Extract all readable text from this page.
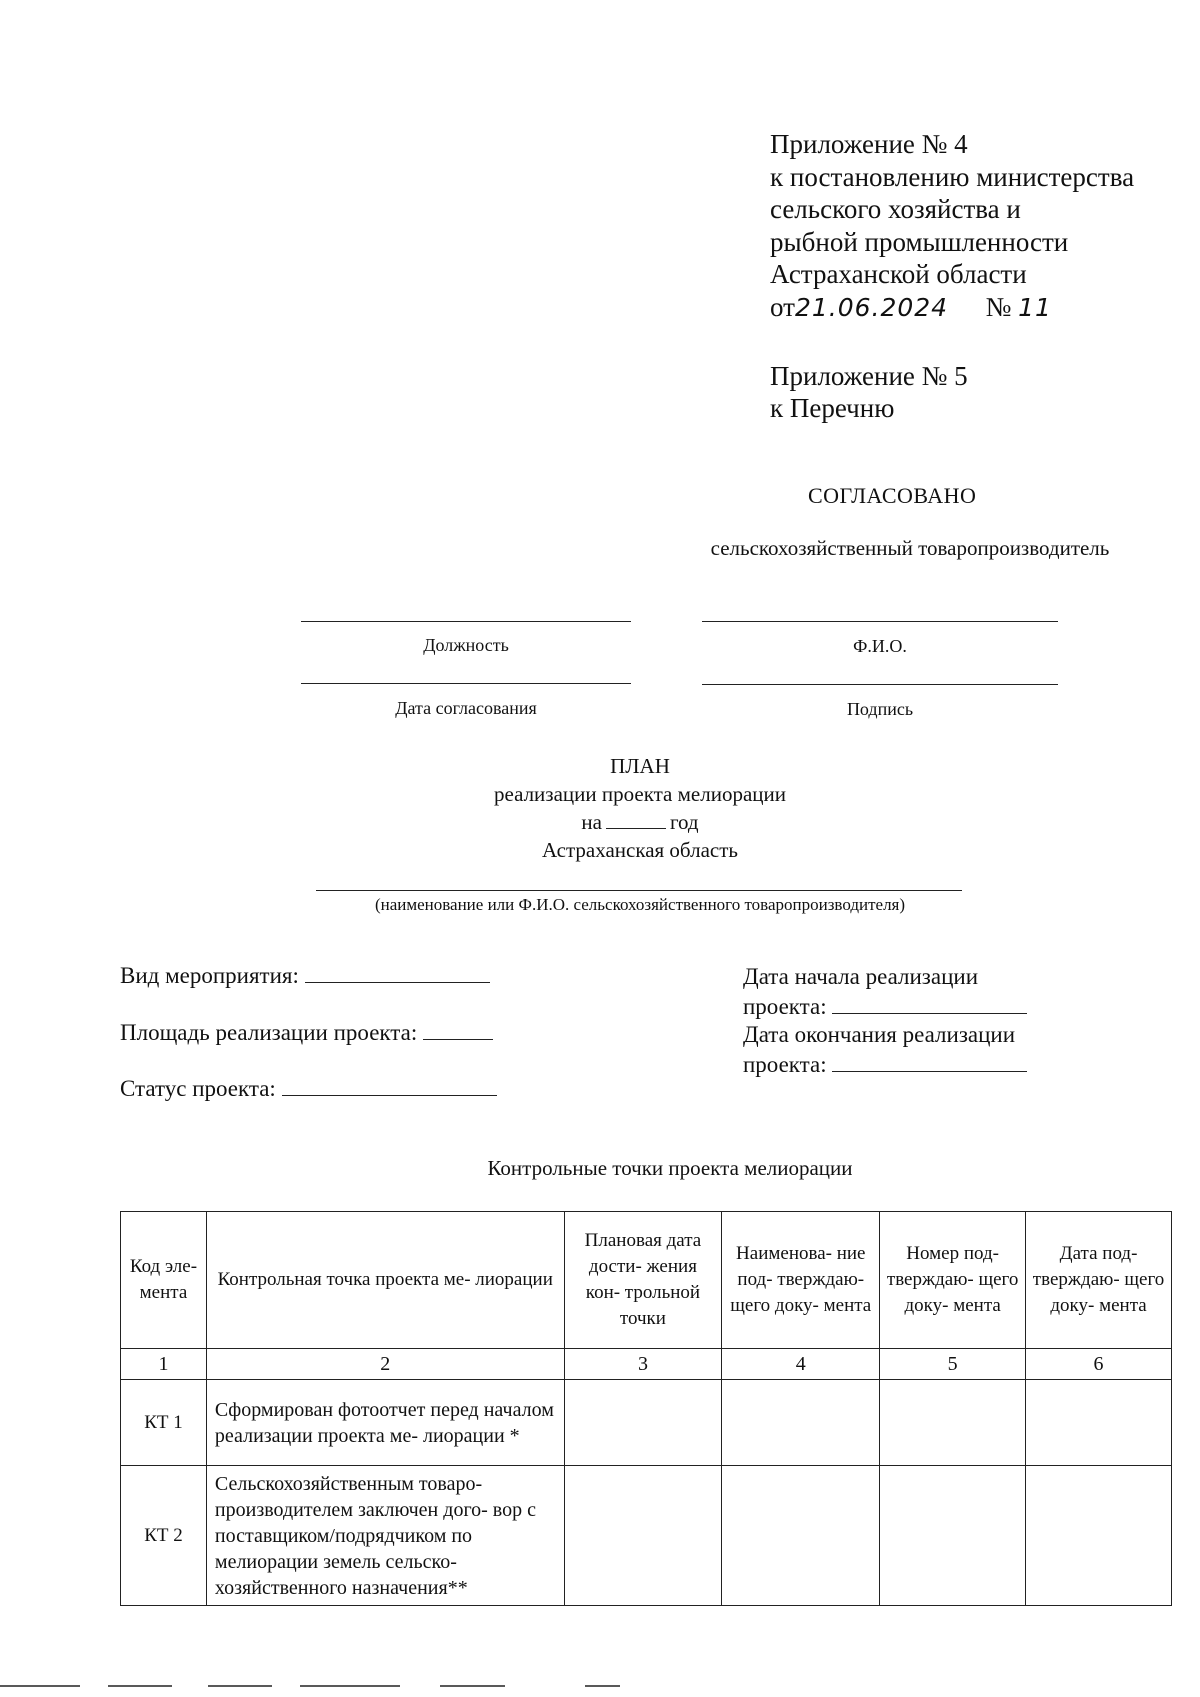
Приложение № 4
к постановлению министерства
сельского хозяйства и
рыбной промышленности
Астраханской области
от21.06.2024 № 11
Приложение № 5
к Перечню
СОГЛАСОВАНО
сельскохозяйственный товаропроизводитель
Должность	Ф.И.О.
Дата согласования	Подпись
ПЛАН
реализации проекта мелиорации
на	год
Астраханская область
(наименование или Ф.И.О. сельскохозяйственного товаропроизводителя)
Вид мероприятия:
Площадь реализации проекта:
Статус проекта:
Дата начала реализации
проекта:
Дата окончания реализации
проекта:
Контрольные точки проекта мелиорации
Код эле- мента	Контрольная точка проекта ме- лиорации	Плановая дата дости- жения кон- трольной точки	Наименова- ние под- тверждаю- щего доку- мента	Номер под- тверждаю- щего доку- мента	Дата под- тверждаю- щего доку- мента
1	2	3	4	5	6
КТ 1	Сформирован фотоотчет перед началом реализации проекта ме- лиорации *				
КТ 2	Сельскохозяйственным товаро- производителем заключен дого- вор с поставщиком/подрядчиком по мелиорации земель сельско- хозяйственного назначения**				
